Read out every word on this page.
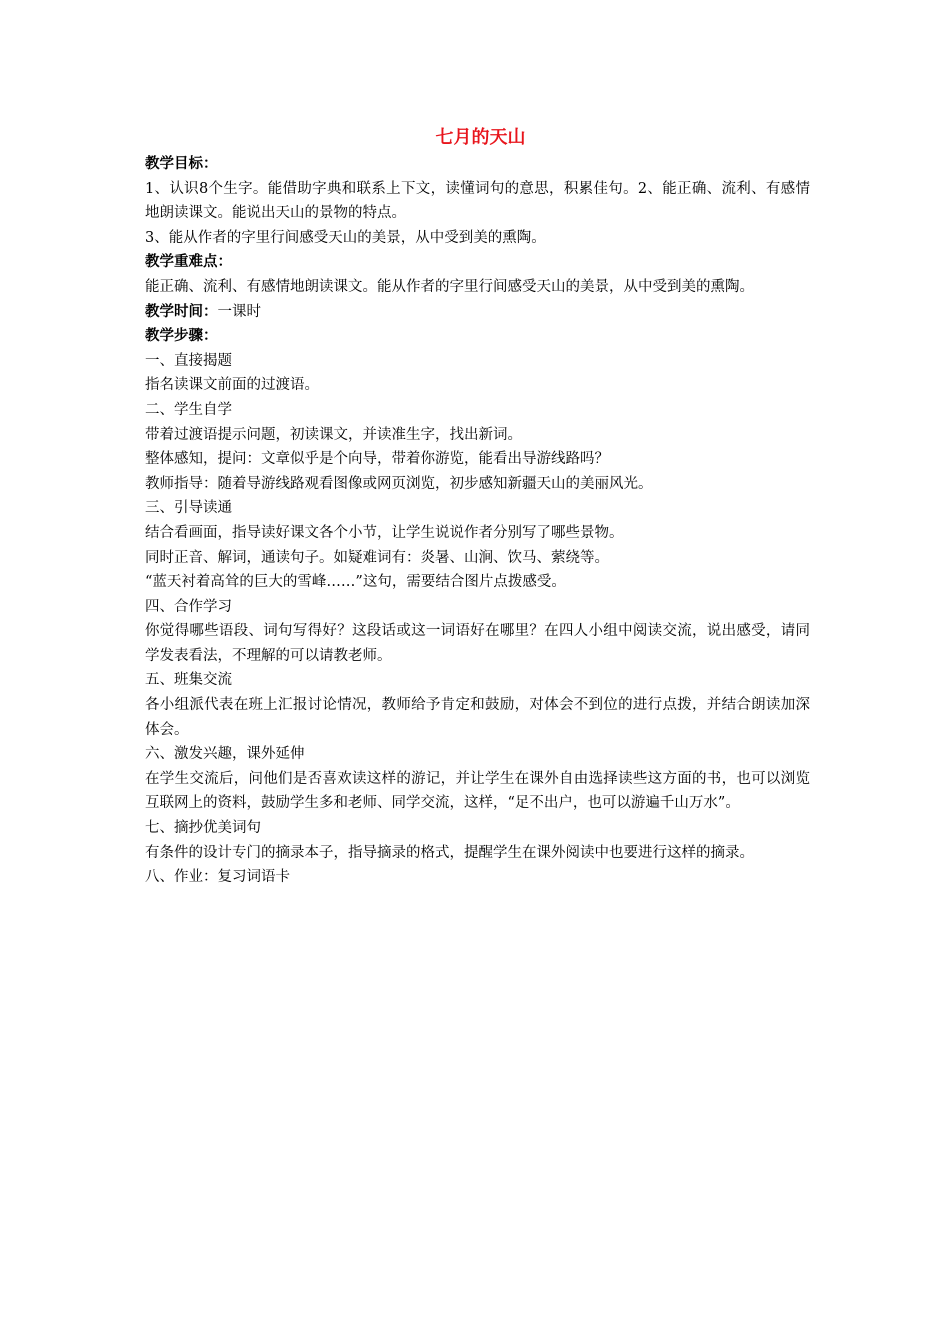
七月的天山

教学目标：

1、认识8个生字。能借助字典和联系上下文，读懂词句的意思，积累佳句。2、能正确、流利、有感情地朗读课文。能说出天山的景物的特点。

3、能从作者的字里行间感受天山的美景，从中受到美的熏陶。

教学重难点：

能正确、流利、有感情地朗读课文。能从作者的字里行间感受天山的美景，从中受到美的熏陶。

教学时间：一课时

教学步骤：

一、直接揭题

指名读课文前面的过渡语。

二、学生自学

带着过渡语提示问题，初读课文，并读准生字，找出新词。

整体感知，提问：文章似乎是个向导，带着你游览，能看出导游线路吗？

教师指导：随着导游线路观看图像或网页浏览，初步感知新疆天山的美丽风光。

三、引导读通

结合看画面，指导读好课文各个小节，让学生说说作者分别写了哪些景物。

同时正音、解词，通读句子。如疑难词有：炎暑、山涧、饮马、萦绕等。

“蓝天衬着高耸的巨大的雪峰……”这句，需要结合图片点拨感受。

四、合作学习

你觉得哪些语段、词句写得好？这段话或这一词语好在哪里？在四人小组中阅读交流，说出感受，请同学发表看法，不理解的可以请教老师。

五、班集交流

各小组派代表在班上汇报讨论情况，教师给予肯定和鼓励，对体会不到位的进行点拨，并结合朗读加深体会。

六、激发兴趣，课外延伸

在学生交流后，问他们是否喜欢读这样的游记，并让学生在课外自由选择读些这方面的书，也可以浏览互联网上的资料，鼓励学生多和老师、同学交流，这样，“足不出户，也可以游遍千山万水”。

七、摘抄优美词句

有条件的设计专门的摘录本子，指导摘录的格式，提醒学生在课外阅读中也要进行这样的摘录。

八、作业：复习词语卡
